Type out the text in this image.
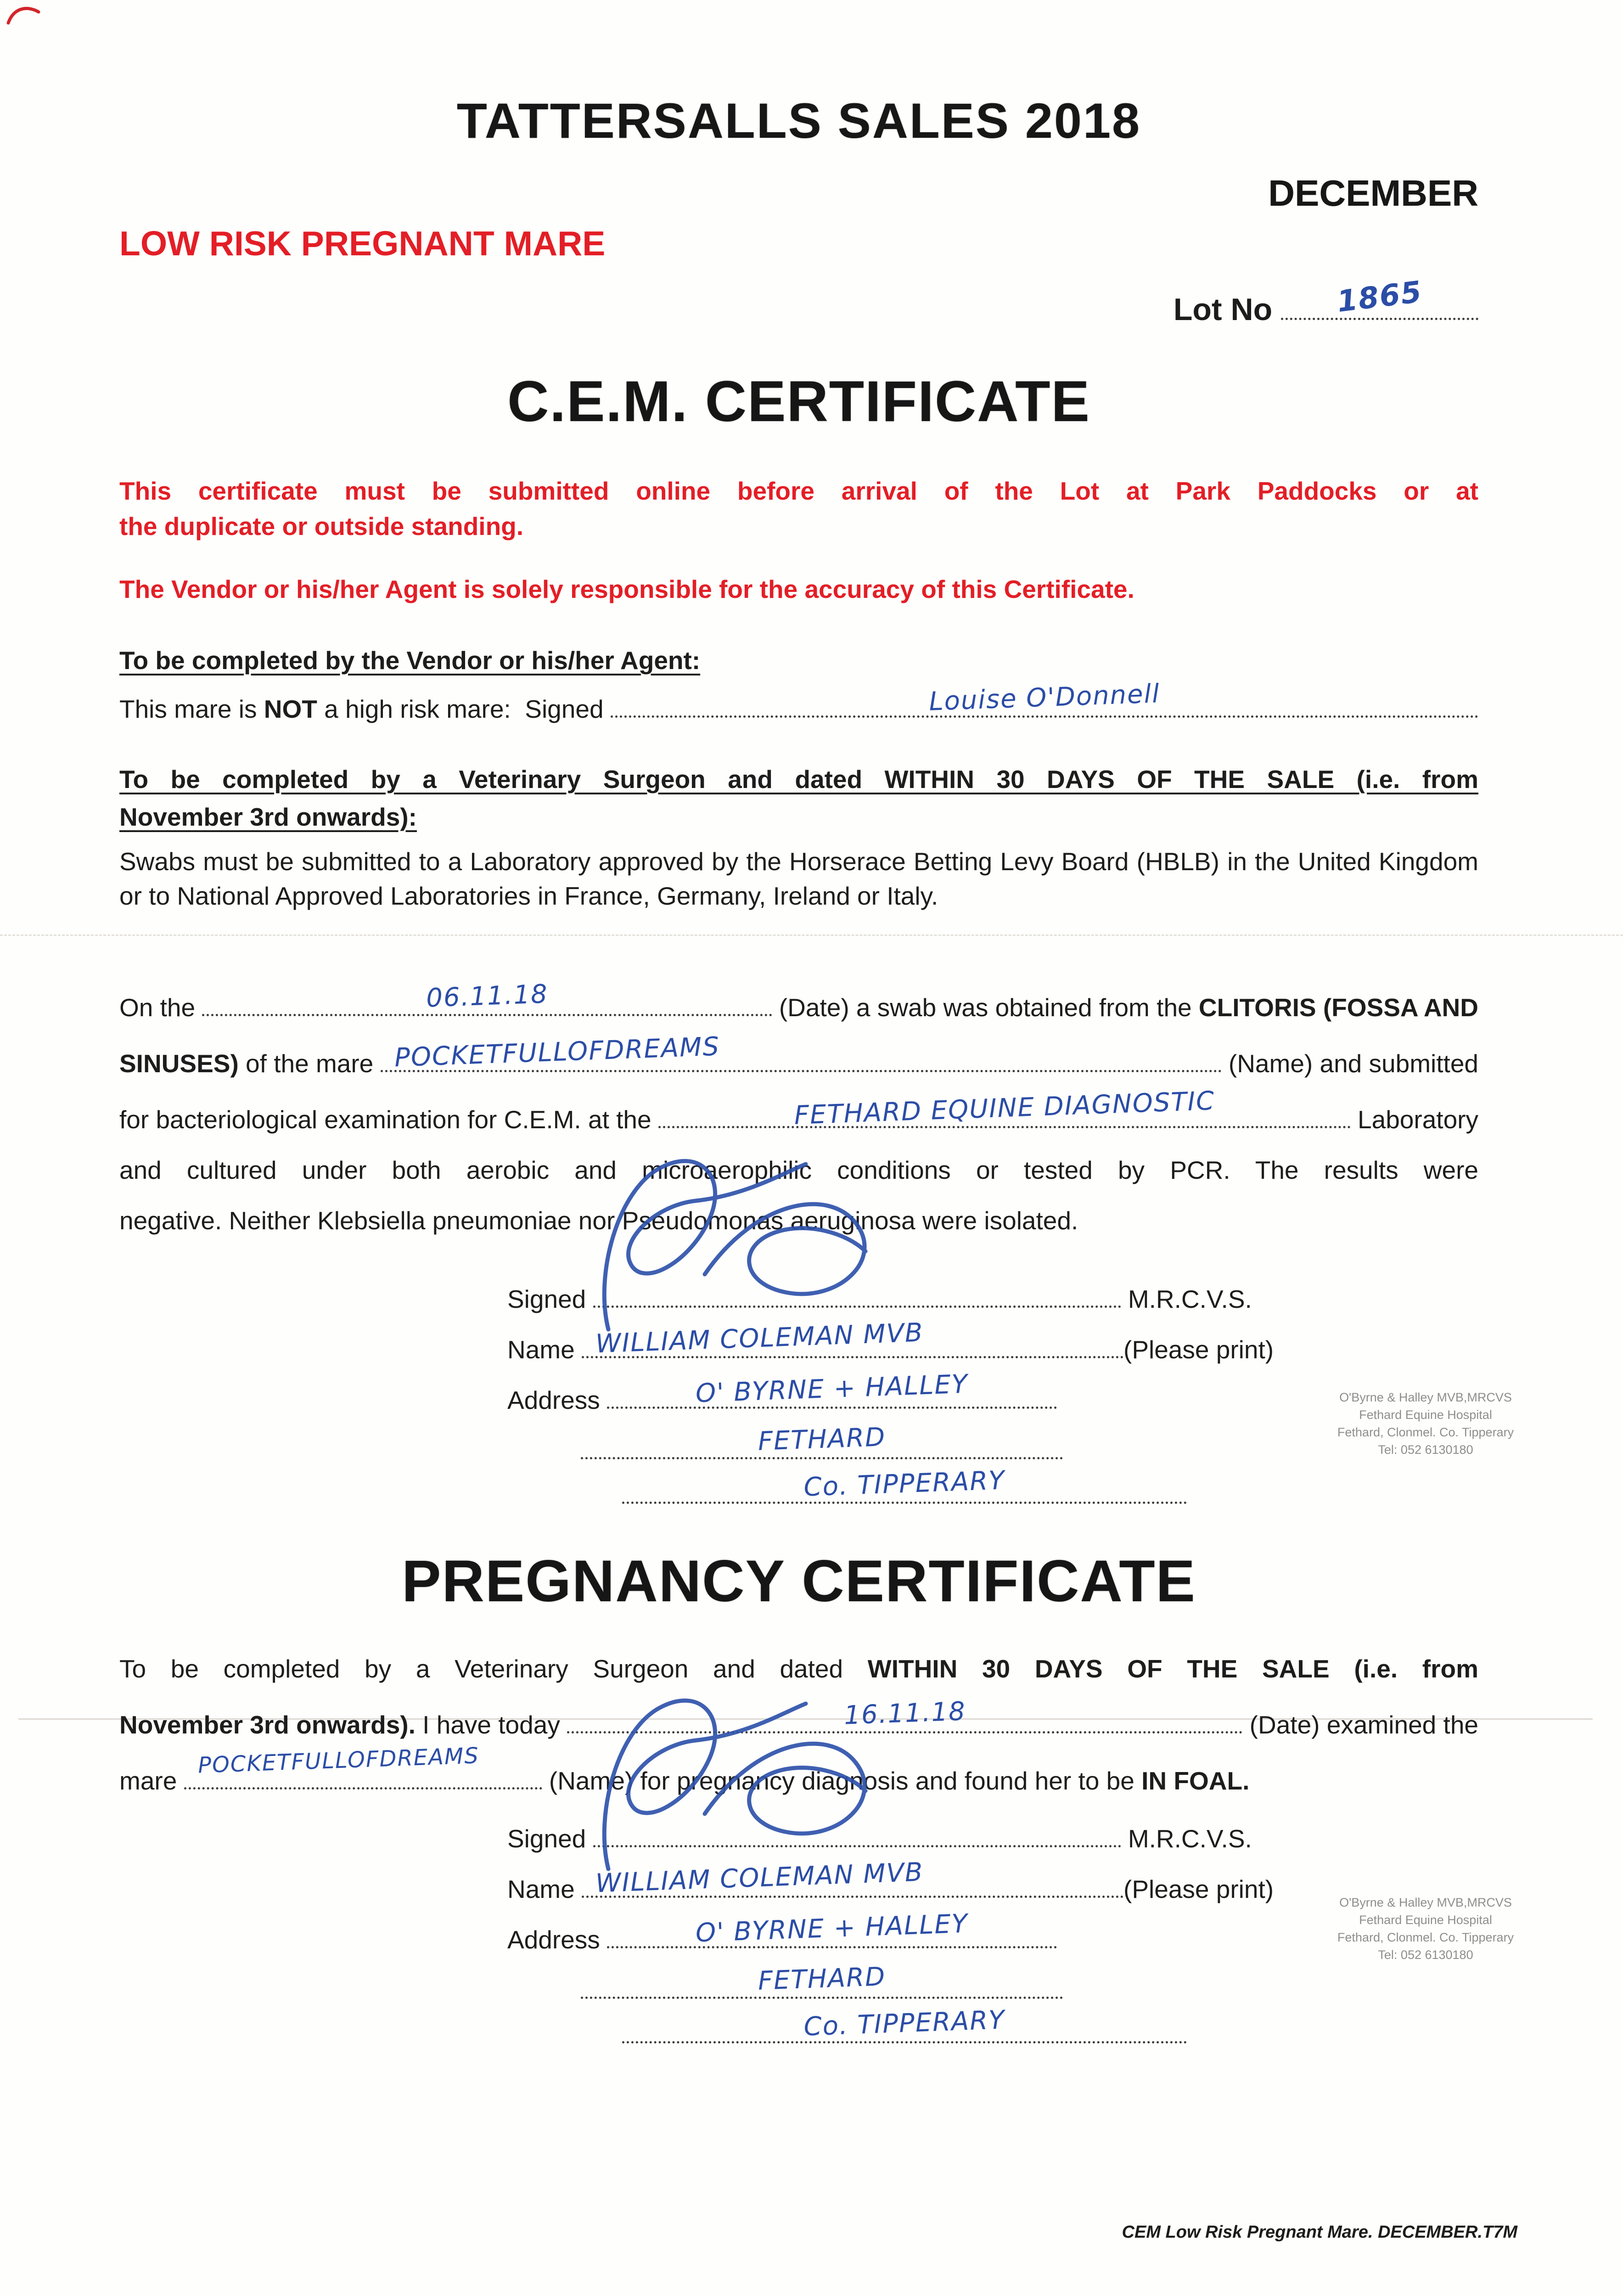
TATTERSALLS SALES 2018
DECEMBER
LOW RISK PREGNANT MARE
Lot No 1865
C.E.M. CERTIFICATE
This certificate must be submitted online before arrival of the Lot at Park Paddocks or at
the duplicate or outside standing.
The Vendor or his/her Agent is solely responsible for the accuracy of this Certificate.
To be completed by the Vendor or his/her Agent:
This mare is NOT a high risk mare:  Signed	Louise O'Donnell
To be completed by a Veterinary Surgeon and dated WITHIN 30 DAYS OF THE SALE (i.e. from
November 3rd onwards):
Swabs must be submitted to a Laboratory approved by the Horserace Betting Levy Board (HBLB) in the United Kingdom or to National Approved Laboratories in France, Germany, Ireland or Italy.
On the	06.11.18	(Date) a swab was obtained from the CLITORIS (FOSSA AND
SINUSES) of the mare POCKETFULLOFDREAMS	(Name) and submitted
for bacteriological examination for C.E.M. at the	FETHARD EQUINE DIAGNOSTIC	Laboratory
and cultured under both aerobic and microaerophilic conditions or tested by PCR. The results were
negative. Neither Klebsiella pneumoniae nor Pseudomonas aeruginosa were isolated.
Signed	M.R.C.V.S.
Name WILLIAM COLEMAN MVB	(Please print)
Address	O' BYRNE + HALLEY
FETHARD
Co. TIPPERARY
O'Byrne & Halley MVB,MRCVS
Fethard Equine Hospital
Fethard, Clonmel. Co. Tipperary
Tel: 052 6130180
PREGNANCY CERTIFICATE
To be completed by a Veterinary Surgeon and dated WITHIN 30 DAYS OF THE SALE (i.e. from
November 3rd onwards). I have today	16.11.18	(Date) examined the
mare
POCKETFULLOFDREAMS
(Name) for pregnancy diagnosis and found her to be IN FOAL.
Signed	M.R.C.V.S.
Name WILLIAM COLEMAN MVB	(Please print)
Address	O' BYRNE + HALLEY
FETHARD
Co. TIPPERARY
O'Byrne & Halley MVB,MRCVS
Fethard Equine Hospital
Fethard, Clonmel. Co. Tipperary
Tel: 052 6130180
CEM Low Risk Pregnant Mare. DECEMBER.T7M
